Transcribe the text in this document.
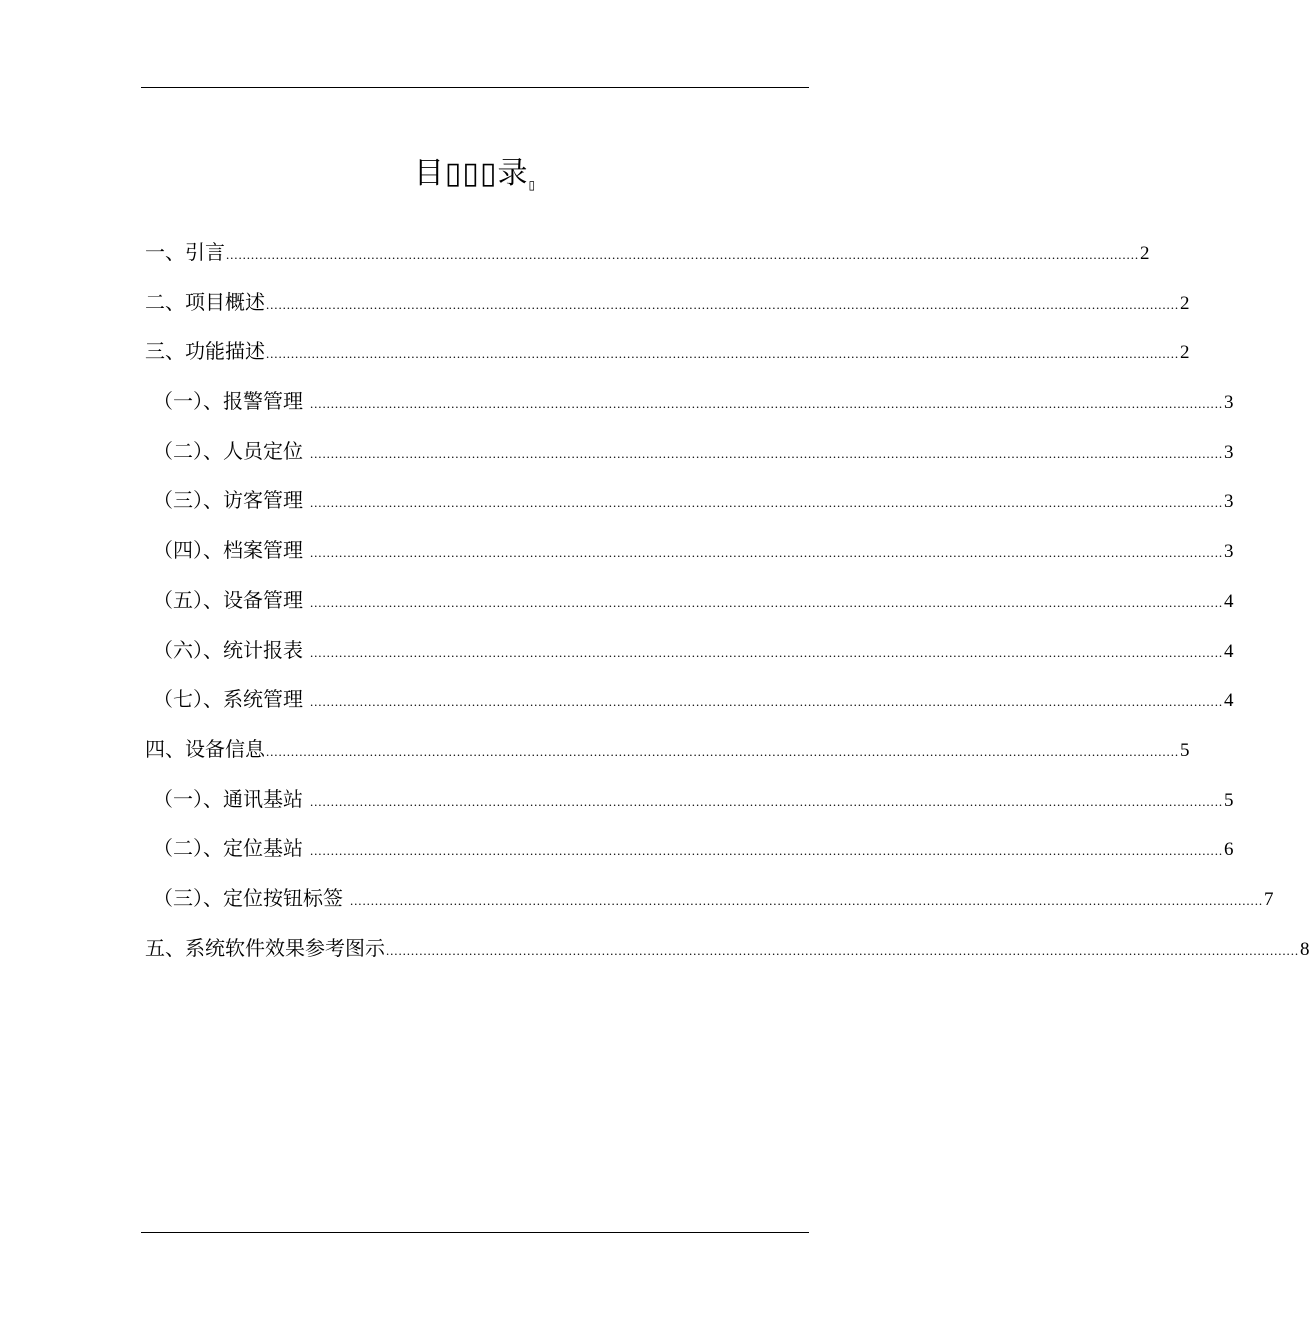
目▯▯▯录$_▯$
一、引言 ............................................................................................................................................................................................................................ 2
二、项目概述 ............................................................................................................................................................................................................................ 2
三、功能描述 ............................................................................................................................................................................................................................ 2
（一）、报警管理 ............................................................................................................................................................................................................................ 3
（二）、人员定位 ............................................................................................................................................................................................................................ 3
（三）、访客管理 ............................................................................................................................................................................................................................ 3
（四）、档案管理 ............................................................................................................................................................................................................................ 3
（五）、设备管理 ............................................................................................................................................................................................................................ 4
（六）、统计报表 ............................................................................................................................................................................................................................ 4
（七）、系统管理 ............................................................................................................................................................................................................................ 4
四、设备信息 ............................................................................................................................................................................................................................ 5
（一）、通讯基站 ............................................................................................................................................................................................................................ 5
（二）、定位基站 ............................................................................................................................................................................................................................ 6
（三）、定位按钮标签 ............................................................................................................................................................................................................................ 7
五、系统软件效果参考图示 ............................................................................................................................................................................................................................ 8
